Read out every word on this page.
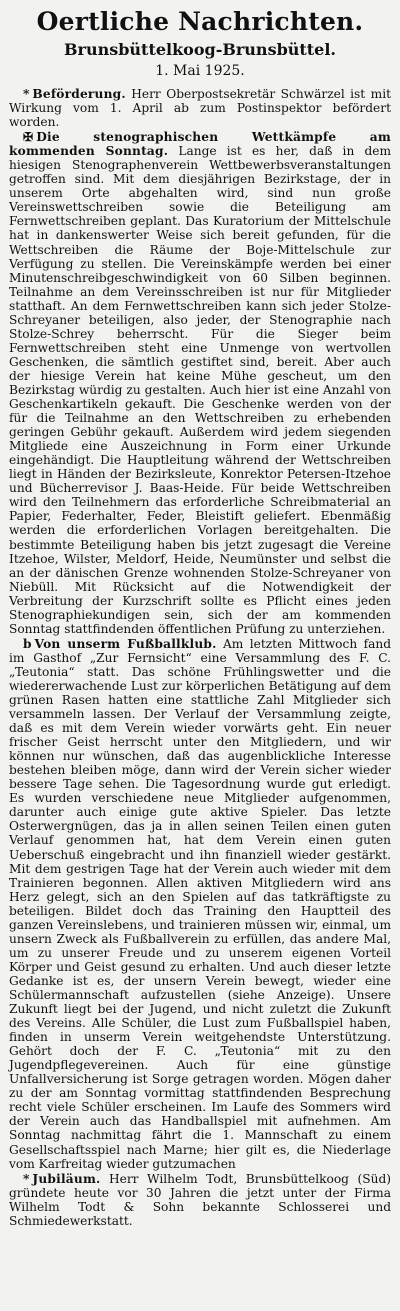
Oertliche Nachrichten.
Brunsbüttelkoog-Brunsbüttel.
1. Mai 1925.

* Beförderung. Herr Oberpostsekretär Schwärzel ist mit Wirkung vom 1. April ab zum Postinspektor befördert worden.

✠ Die stenographischen Wettkämpfe am kommenden Sonntag. Lange ist es her, daß in dem hiesigen Stenographenverein Wettbewerbsveranstaltungen getroffen sind. Mit dem diesjährigen Bezirkstage, der in unserem Orte abgehalten wird, sind nun große Vereinswettschreiben sowie die Beteiligung am Fernwettschreiben geplant. Das Kuratorium der Mittelschule hat in dankenswerter Weise sich bereit gefunden, für die Wettschreiben die Räume der Boje-Mittelschule zur Verfügung zu stellen. Die Vereinskämpfe werden bei einer Minutenschreibgeschwindigkeit von 60 Silben beginnen. Teilnahme an dem Vereinsschreiben ist nur für Mitglieder statthaft. An dem Fernwettschreiben kann sich jeder Stolze-Schreyaner beteiligen, also jeder, der Stenographie nach Stolze-Schrey beherrscht. Für die Sieger beim Fernwettschreiben steht eine Unmenge von wertvollen Geschenken, die sämtlich gestiftet sind, bereit. Aber auch der hiesige Verein hat keine Mühe gescheut, um den Bezirkstag würdig zu gestalten. Auch hier ist eine Anzahl von Geschenkartikeln gekauft. Die Geschenke werden von der für die Teilnahme an den Wettschreiben zu erhebenden geringen Gebühr gekauft. Außerdem wird jedem siegenden Mitgliede eine Auszeichnung in Form einer Urkunde eingehändigt. Die Hauptleitung während der Wettschreiben liegt in Händen der Bezirksleute, Konrektor Petersen-Itzehoe und Bücherrevisor J. Baas-Heide. Für beide Wettschreiben wird den Teilnehmern das erforderliche Schreibmaterial an Papier, Federhalter, Feder, Bleistift geliefert. Ebenmäßig werden die erforderlichen Vorlagen bereitgehalten. Die bestimmte Beteiligung haben bis jetzt zugesagt die Vereine Itzehoe, Wilster, Meldorf, Heide, Neumünster und selbst die an der dänischen Grenze wohnenden Stolze-Schreyaner von Niebüll. Mit Rücksicht auf die Notwendigkeit der Verbreitung der Kurzschrift sollte es Pflicht eines jeden Stenographiekundigen sein, sich der am kommenden Sonntag stattfindenden öffentlichen Prüfung zu unterziehen.

b Von unserm Fußballklub. Am letzten Mittwoch fand im Gasthof „Zur Fernsicht“ eine Versammlung des F. C. „Teutonia“ statt. Das schöne Frühlingswetter und die wiedererwachende Lust zur körperlichen Betätigung auf dem grünen Rasen hatten eine stattliche Zahl Mitglieder sich versammeln lassen. Der Verlauf der Versammlung zeigte, daß es mit dem Verein wieder vorwärts geht. Ein neuer frischer Geist herrscht unter den Mitgliedern, und wir können nur wünschen, daß das augenblickliche Interesse bestehen bleiben möge, dann wird der Verein sicher wieder bessere Tage sehen. Die Tagesordnung wurde gut erledigt. Es wurden verschiedene neue Mitglieder aufgenommen, darunter auch einige gute aktive Spieler. Das letzte Osterwergnügen, das ja in allen seinen Teilen einen guten Verlauf genommen hat, hat dem Verein einen guten Ueberschuß eingebracht und ihn finanziell wieder gestärkt. Mit dem gestrigen Tage hat der Verein auch wieder mit dem Trainieren begonnen. Allen aktiven Mitgliedern wird ans Herz gelegt, sich an den Spielen auf das tatkräftigste zu beteiligen. Bildet doch das Training den Hauptteil des ganzen Vereinslebens, und trainieren müssen wir, einmal, um unsern Zweck als Fußballverein zu erfüllen, das andere Mal, um zu unserer Freude und zu unserem eigenen Vorteil Körper und Geist gesund zu erhalten. Und auch dieser letzte Gedanke ist es, der unsern Verein bewegt, wieder eine Schülermannschaft aufzustellen (siehe Anzeige). Unsere Zukunft liegt bei der Jugend, und nicht zuletzt die Zukunft des Vereins. Alle Schüler, die Lust zum Fußballspiel haben, finden in unserm Verein weitgehendste Unterstützung. Gehört doch der F. C. „Teutonia“ mit zu den Jugendpflegevereinen. Auch für eine günstige Unfallversicherung ist Sorge getragen worden. Mögen daher zu der am Sonntag vormittag stattfindenden Besprechung recht viele Schüler erscheinen. Im Laufe des Sommers wird der Verein auch das Handballspiel mit aufnehmen. Am Sonntag nachmittag fährt die 1. Mannschaft zu einem Gesellschaftsspiel nach Marne; hier gilt es, die Niederlage vom Karfreitag wieder gutzumachen

* Jubiläum. Herr Wilhelm Todt, Brunsbüttelkoog (Süd) gründete heute vor 30 Jahren die jetzt unter der Firma Wilhelm Todt & Sohn bekannte Schlosserei und Schmiedewerkstatt.
